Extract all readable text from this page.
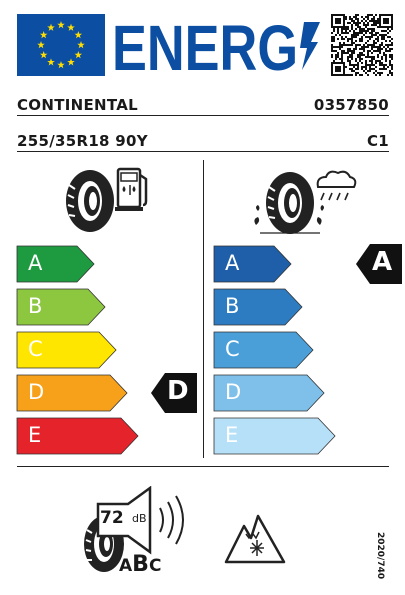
ENERG
CONTINENTAL	0357850
255/35R18 90Y	C1
A
B
C
D
E
A
B
C
D
E
D
A
72 dB
ABC	2020/740
